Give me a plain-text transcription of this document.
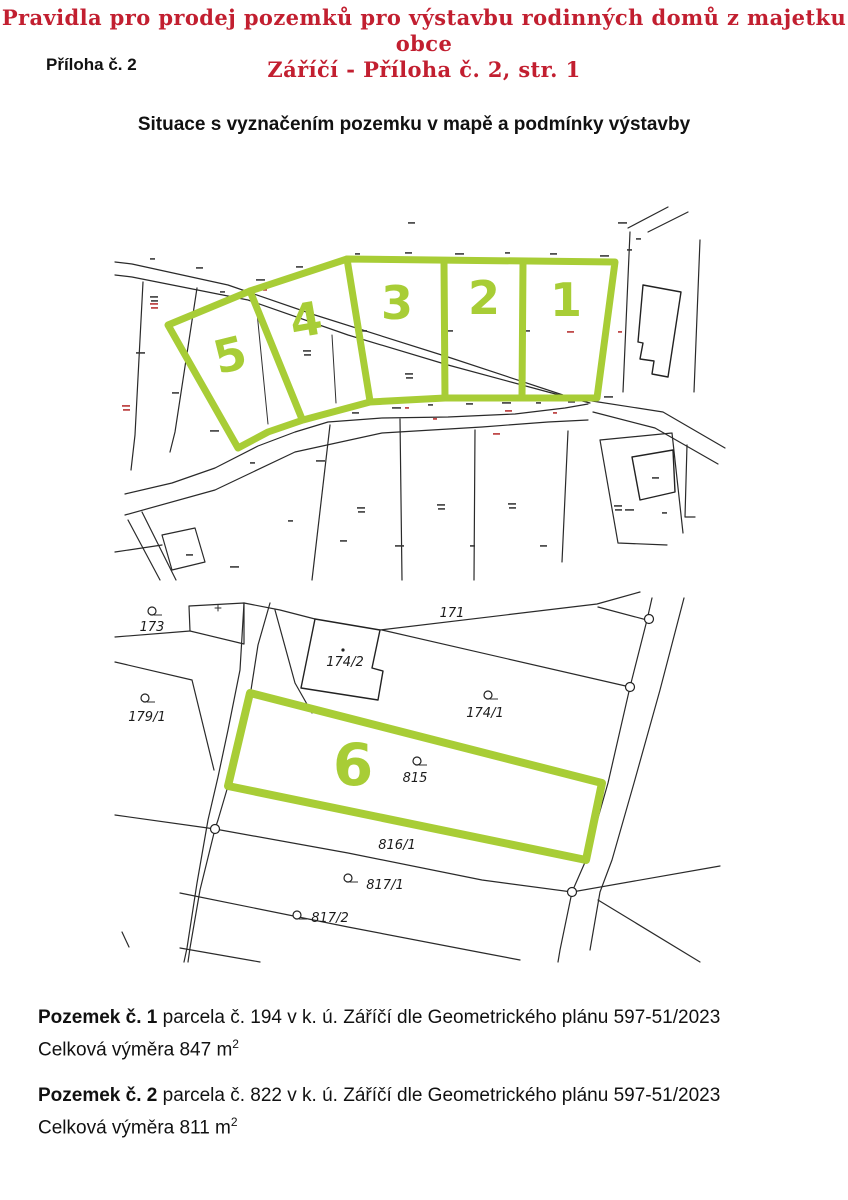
Pravidla pro prodej pozemků pro výstavbu rodinných domů z majetku obce
Záříčí - Příloha č. 2, str. 1
Příloha č. 2
Situace s vyznačením pozemku v mapě a podmínky výstavby
5
4 3 2 1
173
171
174/2
179/1	174/1
815
816/1
817/1
817/2
6
Pozemek č. 1 parcela č. 194 v k. ú. Záříčí dle Geometrického plánu 597-51/2023
Celková výměra 847 $m^2$
Pozemek č. 2 parcela č. 822 v k. ú. Záříčí dle Geometrického plánu 597-51/2023
Celková výměra 811 $m^2$
